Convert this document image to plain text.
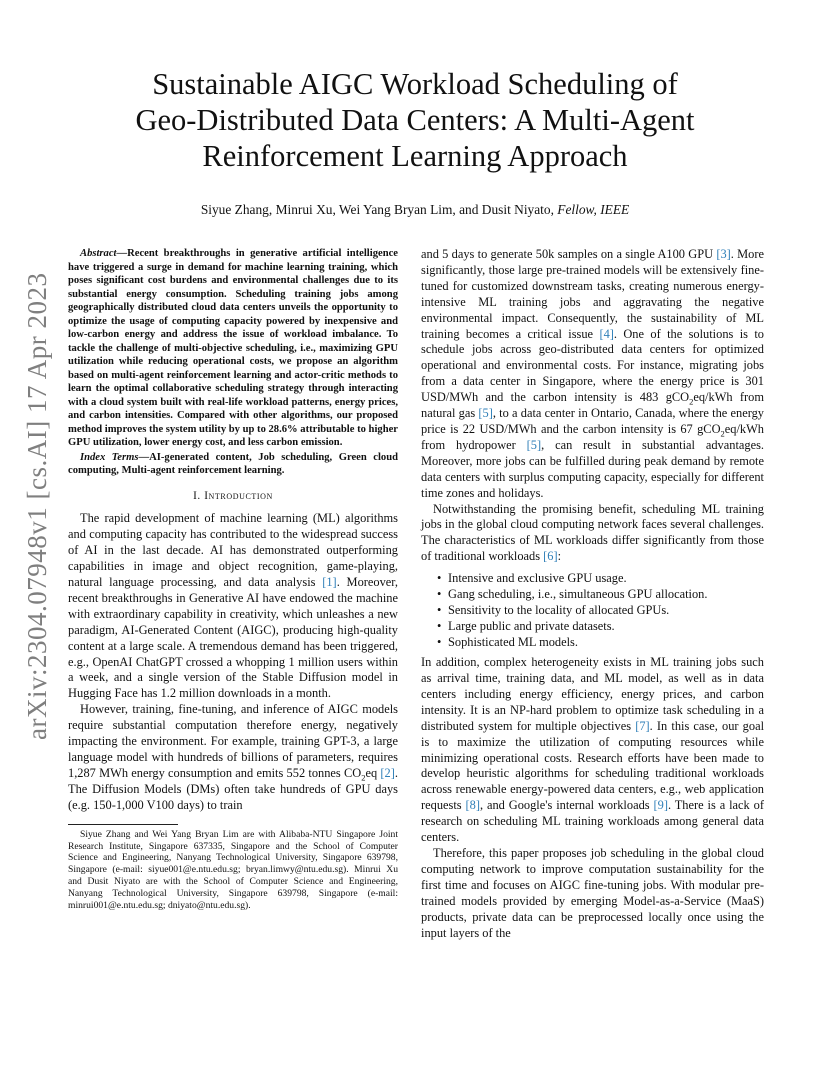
arXiv:2304.07948v1 [cs.AI] 17 Apr 2023
Sustainable AIGC Workload Scheduling of
Geo-Distributed Data Centers: A Multi-Agent
Reinforcement Learning Approach
Siyue Zhang, Minrui Xu, Wei Yang Bryan Lim, and Dusit Niyato, Fellow, IEEE

Abstract—Recent breakthroughs in generative artificial intelligence have triggered a surge in demand for machine learning training, which poses significant cost burdens and environmental challenges due to its substantial energy consumption. Scheduling training jobs among geographically distributed cloud data centers unveils the opportunity to optimize the usage of computing capacity powered by inexpensive and low-carbon energy and address the issue of workload imbalance. To tackle the challenge of multi-objective scheduling, i.e., maximizing GPU utilization while reducing operational costs, we propose an algorithm based on multi-agent reinforcement learning and actor-critic methods to learn the optimal collaborative scheduling strategy through interacting with a cloud system built with real-life workload patterns, energy prices, and carbon intensities. Compared with other algorithms, our proposed method improves the system utility by up to 28.6% attributable to higher GPU utilization, lower energy cost, and less carbon emission.

Index Terms—AI-generated content, Job scheduling, Green cloud computing, Multi-agent reinforcement learning.

I. Introduction

The rapid development of machine learning (ML) algorithms and computing capacity has contributed to the widespread success of AI in the last decade. AI has demonstrated outperforming capabilities in image and object recognition, game-playing, natural language processing, and data analysis [1]. Moreover, recent breakthroughs in Generative AI have endowed the machine with extraordinary capability in creativity, which unleashes a new paradigm, AI-Generated Content (AIGC), producing high-quality content at a large scale. A tremendous demand has been triggered, e.g., OpenAI ChatGPT crossed a whopping 1 million users within a week, and a single version of the Stable Diffusion model in Hugging Face has 1.2 million downloads in a month.

However, training, fine-tuning, and inference of AIGC models require substantial computation therefore energy, negatively impacting the environment. For example, training GPT-3, a large language model with hundreds of billions of parameters, requires 1,287 MWh energy consumption and emits 552 tonnes $CO_2eq$ [2]. The Diffusion Models (DMs) often take hundreds of GPU days (e.g. 150-1,000 V100 days) to train

Siyue Zhang and Wei Yang Bryan Lim are with Alibaba-NTU Singapore Joint Research Institute, Singapore 637335, Singapore and the School of Computer Science and Engineering, Nanyang Technological University, Singapore 639798, Singapore (e-mail: siyue001@e.ntu.edu.sg; bryan.limwy@ntu.edu.sg). Minrui Xu and Dusit Niyato are with the School of Computer Science and Engineering, Nanyang Technological University, Singapore 639798, Singapore (e-mail: minrui001@e.ntu.edu.sg; dniyato@ntu.edu.sg).

and 5 days to generate 50k samples on a single A100 GPU [3]. More significantly, those large pre-trained models will be extensively fine-tuned for customized downstream tasks, creating numerous energy-intensive ML training jobs and aggravating the negative environmental impact. Consequently, the sustainability of ML training becomes a critical issue [4]. One of the solutions is to schedule jobs across geo-distributed data centers for optimized operational and environmental costs. For instance, migrating jobs from a data center in Singapore, where the energy price is 301 USD/MWh and the carbon intensity is 483 gCO$_2$eq/kWh from natural gas [5], to a data center in Ontario, Canada, where the energy price is 22 USD/MWh and the carbon intensity is 67 gCO$_2$eq/kWh from hydropower [5], can result in substantial advantages. Moreover, more jobs can be fulfilled during peak demand by remote data centers with surplus computing capacity, especially for different time zones and holidays.

Notwithstanding the promising benefit, scheduling ML training jobs in the global cloud computing network faces several challenges. The characteristics of ML workloads differ significantly from those of traditional workloads [6]:

• Intensive and exclusive GPU usage.
• Gang scheduling, i.e., simultaneous GPU allocation.
• Sensitivity to the locality of allocated GPUs.
• Large public and private datasets.
• Sophisticated ML models.

In addition, complex heterogeneity exists in ML training jobs such as arrival time, training data, and ML model, as well as in data centers including energy efficiency, energy prices, and carbon intensity. It is an NP-hard problem to optimize task scheduling in a distributed system for multiple objectives [7]. In this case, our goal is to maximize the utilization of computing resources while minimizing operational costs. Research efforts have been made to develop heuristic algorithms for scheduling traditional workloads across renewable energy-powered data centers, e.g., web application requests [8], and Google's internal workloads [9]. There is a lack of research on scheduling ML training workloads among general data centers.

Therefore, this paper proposes job scheduling in the global cloud computing network to improve computation sustainability for the first time and focuses on AIGC fine-tuning jobs. With modular pre-trained models provided by emerging Model-as-a-Service (MaaS) products, private data can be preprocessed locally once using the input layers of the
